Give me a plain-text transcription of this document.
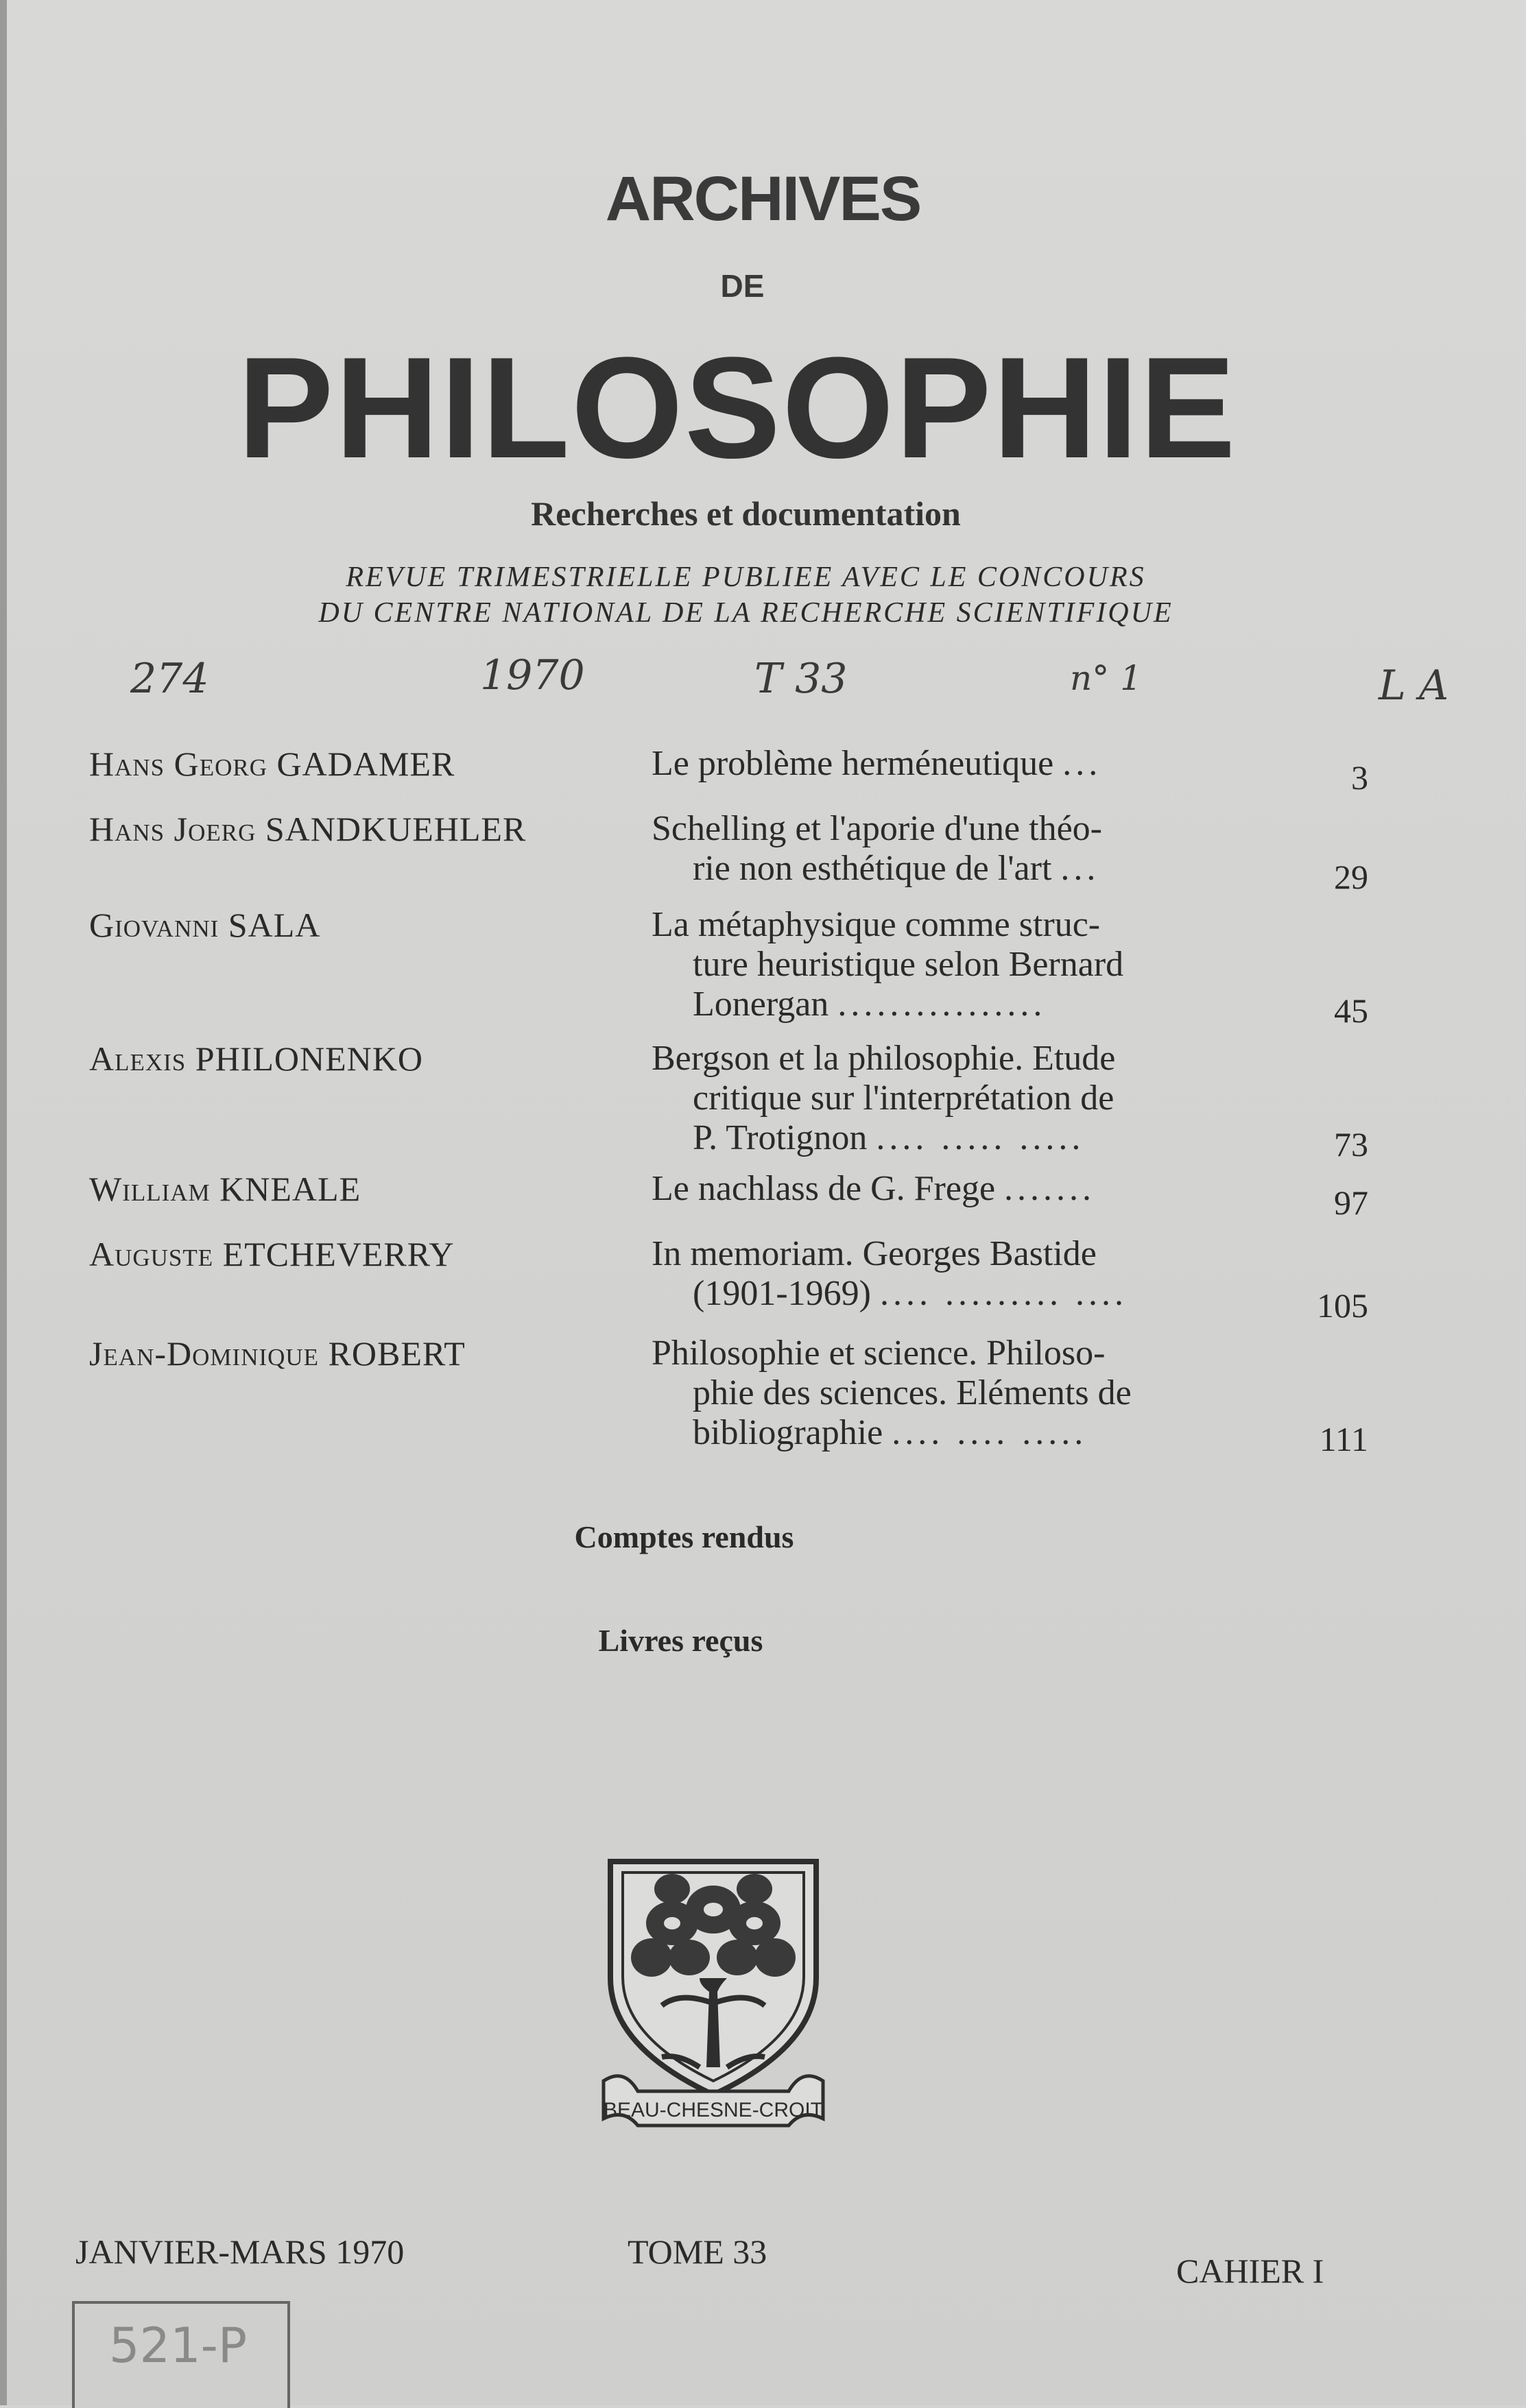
ARCHIVES
DE
PHILOSOPHIE
Recherches et documentation
REVUE TRIMESTRIELLE PUBLIEE AVEC LE CONCOURS
DU CENTRE NATIONAL DE LA RECHERCHE SCIENTIFIQUE
274	1970	T 33	n° 1	L A
Hans Georg GADAMER	Le problème herméneutique ...	3
Hans Joerg SANDKUEHLER	Schelling et l'aporie d'une théo-
rie non esthétique de l'art ...	29
Giovanni SALA	La métaphysique comme struc-
ture heuristique selon Bernard
Lonergan ................	45
Alexis PHILONENKO	Bergson et la philosophie. Etude
critique sur l'interprétation de
P. Trotignon .... ..... .....	73
William KNEALE	Le nachlass de G. Frege .......	97
Auguste ETCHEVERRY	In memoriam. Georges Bastide
(1901-1969) .... ......... ....	105
Jean-Dominique ROBERT	Philosophie et science. Philoso-
phie des sciences. Eléments de
bibliographie .... .... .....	111
Comptes rendus
Livres reçus
BEAU-CHESNE-CROIT
JANVIER-MARS 1970	TOME 33	CAHIER I
521-P
